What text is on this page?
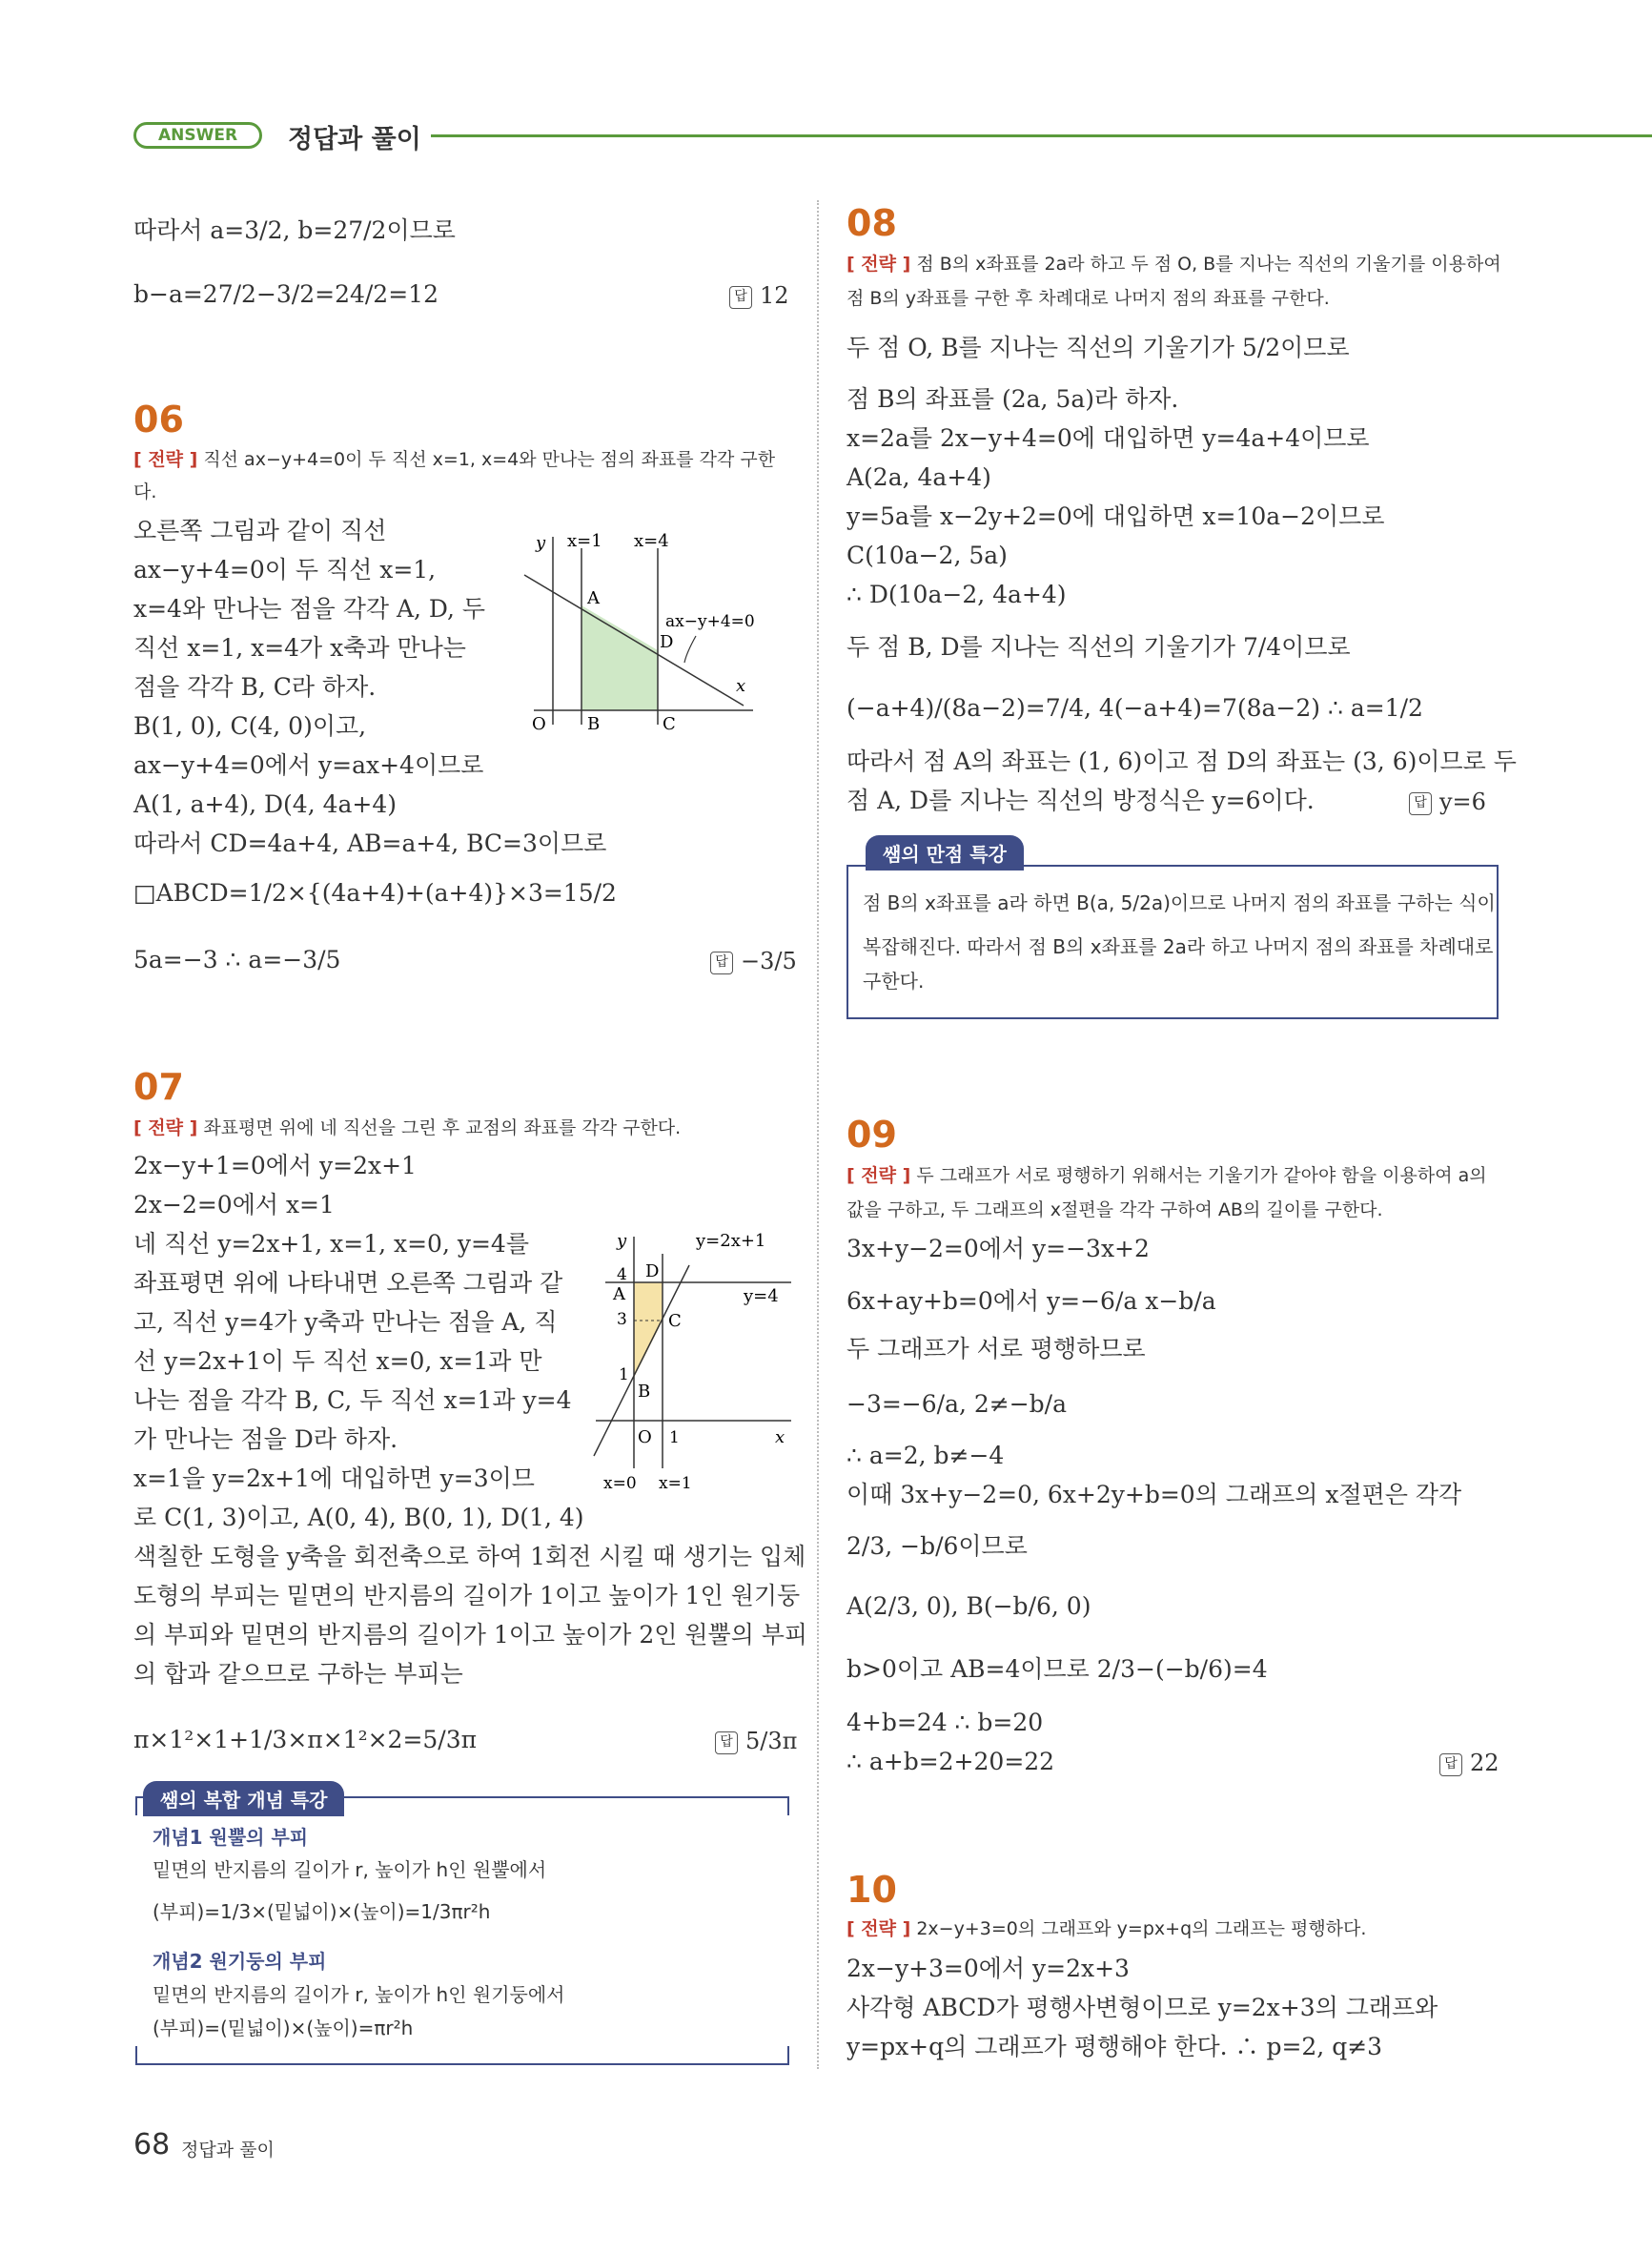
ANSWER	정답과 풀이
따라서 a=3/2, b=27/2이므로
b−a=27/2−3/2=24/2=12	답 12
06
[ 전략 ] 직선 ax−y+4=0이 두 직선 x=1, x=4와 만나는 점의 좌표를 각각 구한다.
오른쪽 그림과 같이 직선
ax−y+4=0이 두 직선 x=1,
x=4와 만나는 점을 각각 A, D, 두
직선 x=1, x=4가 x축과 만나는
점을 각각 B, C라 하자.
B(1, 0), C(4, 0)이고,
ax−y+4=0에서 y=ax+4이므로
A(1, a+4), D(4, 4a+4)
따라서 CD=4a+4, AB=a+4, BC=3이므로
□ABCD=1/2×{(4a+4)+(a+4)}×3=15/2
5a=−3 ∴ a=−3/5	답 −3/5
y x=1 x=4
A
D
ax−y+4=0
x
O B	C
07
[ 전략 ] 좌표평면 위에 네 직선을 그린 후 교점의 좌표를 각각 구한다.
2x−y+1=0에서 y=2x+1
2x−2=0에서 x=1
네 직선 y=2x+1, x=1, x=0, y=4를
좌표평면 위에 나타내면 오른쪽 그림과 같
고, 직선 y=4가 y축과 만나는 점을 A, 직
선 y=2x+1이 두 직선 x=0, x=1과 만
나는 점을 각각 B, C, 두 직선 x=1과 y=4
가 만나는 점을 D라 하자.
x=1을 y=2x+1에 대입하면 y=3이므
로 C(1, 3)이고, A(0, 4), B(0, 1), D(1, 4)
색칠한 도형을 y축을 회전축으로 하여 1회전 시킬 때 생기는 입체
도형의 부피는 밑면의 반지름의 길이가 1이고 높이가 1인 원기둥
의 부피와 밑면의 반지름의 길이가 1이고 높이가 2인 원뿔의 부피
의 합과 같으므로 구하는 부피는
π×1²×1+1/3×π×1²×2=5/3π	답 5/3π
y	y=2x+1
4 D
A	y=4
3 C
1
B
O 1	x
x=0 x=1
쌤의 복합 개념 특강
개념1 원뿔의 부피
밑면의 반지름의 길이가 r, 높이가 h인 원뿔에서
(부피)=1/3×(밑넓이)×(높이)=1/3πr²h
개념2 원기둥의 부피
밑면의 반지름의 길이가 r, 높이가 h인 원기둥에서
(부피)=(밑넓이)×(높이)=πr²h
08
[ 전략 ] 점 B의 x좌표를 2a라 하고 두 점 O, B를 지나는 직선의 기울기를 이용하여
점 B의 y좌표를 구한 후 차례대로 나머지 점의 좌표를 구한다.
두 점 O, B를 지나는 직선의 기울기가 5/2이므로
점 B의 좌표를 (2a, 5a)라 하자.
x=2a를 2x−y+4=0에 대입하면 y=4a+4이므로
A(2a, 4a+4)
y=5a를 x−2y+2=0에 대입하면 x=10a−2이므로
C(10a−2, 5a)
∴ D(10a−2, 4a+4)
두 점 B, D를 지나는 직선의 기울기가 7/4이므로
(−a+4)/(8a−2)=7/4, 4(−a+4)=7(8a−2) ∴ a=1/2
따라서 점 A의 좌표는 (1, 6)이고 점 D의 좌표는 (3, 6)이므로 두
점 A, D를 지나는 직선의 방정식은 y=6이다.	답 y=6
쌤의 만점 특강
점 B의 x좌표를 a라 하면 B(a, 5/2a)이므로 나머지 점의 좌표를 구하는 식이
복잡해진다. 따라서 점 B의 x좌표를 2a라 하고 나머지 점의 좌표를 차례대로
구한다.
09
[ 전략 ] 두 그래프가 서로 평행하기 위해서는 기울기가 같아야 함을 이용하여 a의
값을 구하고, 두 그래프의 x절편을 각각 구하여 AB의 길이를 구한다.
3x+y−2=0에서 y=−3x+2
6x+ay+b=0에서 y=−6/a x−b/a
두 그래프가 서로 평행하므로
−3=−6/a, 2≠−b/a
∴ a=2, b≠−4
이때 3x+y−2=0, 6x+2y+b=0의 그래프의 x절편은 각각
2/3, −b/6이므로
A(2/3, 0), B(−b/6, 0)
b>0이고 AB=4이므로 2/3−(−b/6)=4
4+b=24 ∴ b=20
∴ a+b=2+20=22	답 22
10
[ 전략 ] 2x−y+3=0의 그래프와 y=px+q의 그래프는 평행하다.
2x−y+3=0에서 y=2x+3
사각형 ABCD가 평행사변형이므로 y=2x+3의 그래프와
y=px+q의 그래프가 평행해야 한다. ∴ p=2, q≠3
68 정답과 풀이
